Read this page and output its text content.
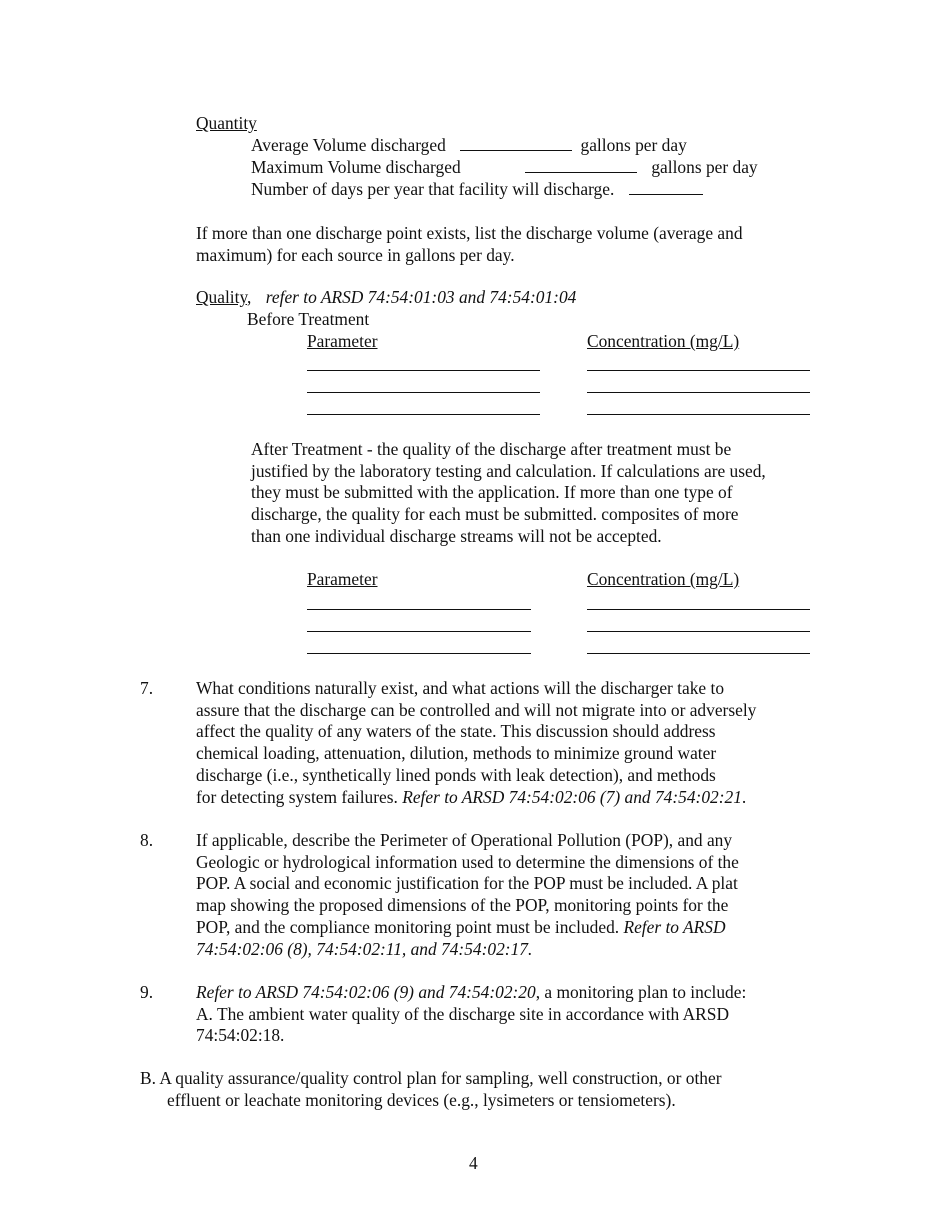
Quantity
Average Volume discharged	gallons per day
Maximum Volume discharged	gallons per day
Number of days per year that facility will discharge.
If more than one discharge point exists, list the discharge volume (average and
maximum) for each source in gallons per day.
Quality, refer to ARSD 74:54:01:03 and 74:54:01:04
Before Treatment
Parameter	Concentration (mg/L)
After Treatment - the quality of the discharge after treatment must be
justified by the laboratory testing and calculation. If calculations are used,
they must be submitted with the application. If more than one type of
discharge, the quality for each must be submitted. composites of more
than one individual discharge streams will not be accepted.
Parameter	Concentration (mg/L)
7. What conditions naturally exist, and what actions will the discharger take to
assure that the discharge can be controlled and will not migrate into or adversely
affect the quality of any waters of the state. This discussion should address
chemical loading, attenuation, dilution, methods to minimize ground water
discharge (i.e., synthetically lined ponds with leak detection), and methods
for detecting system failures. Refer to ARSD 74:54:02:06 (7) and 74:54:02:21.
8. If applicable, describe the Perimeter of Operational Pollution (POP), and any
Geologic or hydrological information used to determine the dimensions of the
POP. A social and economic justification for the POP must be included. A plat
map showing the proposed dimensions of the POP, monitoring points for the
POP, and the compliance monitoring point must be included. Refer to ARSD
74:54:02:06 (8), 74:54:02:11, and 74:54:02:17.
9. Refer to ARSD 74:54:02:06 (9) and 74:54:02:20, a monitoring plan to include:
A. The ambient water quality of the discharge site in accordance with ARSD
74:54:02:18.
B. A quality assurance/quality control plan for sampling, well construction, or other
effluent or leachate monitoring devices (e.g., lysimeters or tensiometers).
4
